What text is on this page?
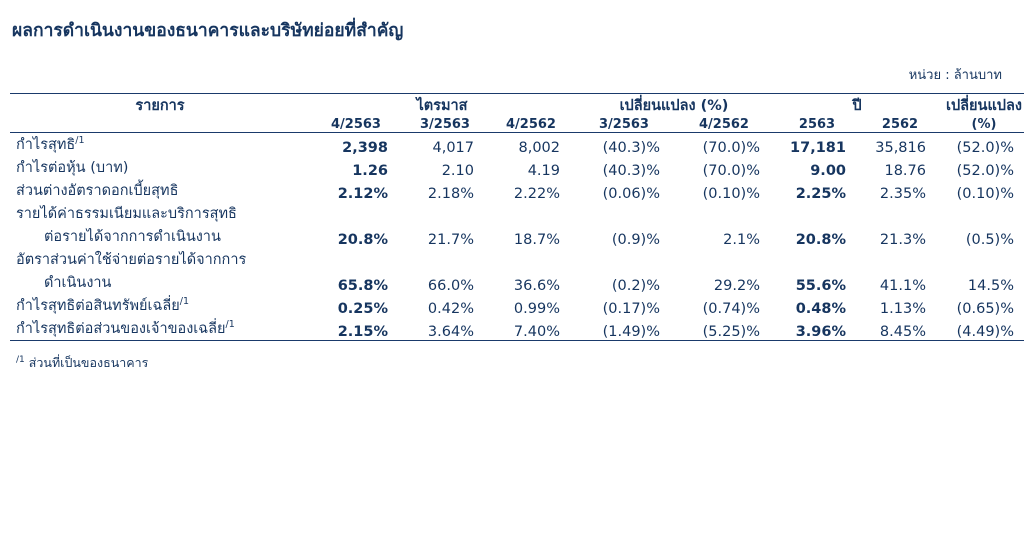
ผลการดำเนินงานของธนาคารและบริษัทย่อยที่สำคัญ
หน่วย : ล้านบาท

รายการ	ไตรมาส			เปลี่ยนแปลง (%)		ปี		เปลี่ยนแปลง
	4/2563	3/2563	4/2562	3/2563	4/2562	2563	2562	(%)

กำไรสุทธิ$^{/1}$	2,398	4,017	8,002	(40.3)%	(70.0)%	17,181	35,816	(52.0)%
กำไรต่อหุ้น (บาท)	1.26	2.10	4.19	(40.3)%	(70.0)%	9.00	18.76	(52.0)%
ส่วนต่างอัตราดอกเบี้ยสุทธิ	2.12%	2.18%	2.22%	(0.06)%	(0.10)%	2.25%	2.35%	(0.10)%
รายได้ค่าธรรมเนียมและบริการสุทธิ								
ต่อรายได้จากการดำเนินงาน	20.8%	21.7%	18.7%	(0.9)%	2.1%	20.8%	21.3%	(0.5)%
อัตราส่วนค่าใช้จ่ายต่อรายได้จากการ								
ดำเนินงาน	65.8%	66.0%	36.6%	(0.2)%	29.2%	55.6%	41.1%	14.5%
กำไรสุทธิต่อสินทรัพย์เฉลี่ย$^{/1}$	0.25%	0.42%	0.99%	(0.17)%	(0.74)%	0.48%	1.13%	(0.65)%
กำไรสุทธิต่อส่วนของเจ้าของเฉลี่ย$^{/1}$	2.15%	3.64%	7.40%	(1.49)%	(5.25)%	3.96%	8.45%	(4.49)%

$^{/1}$ ส่วนที่เป็นของธนาคาร
